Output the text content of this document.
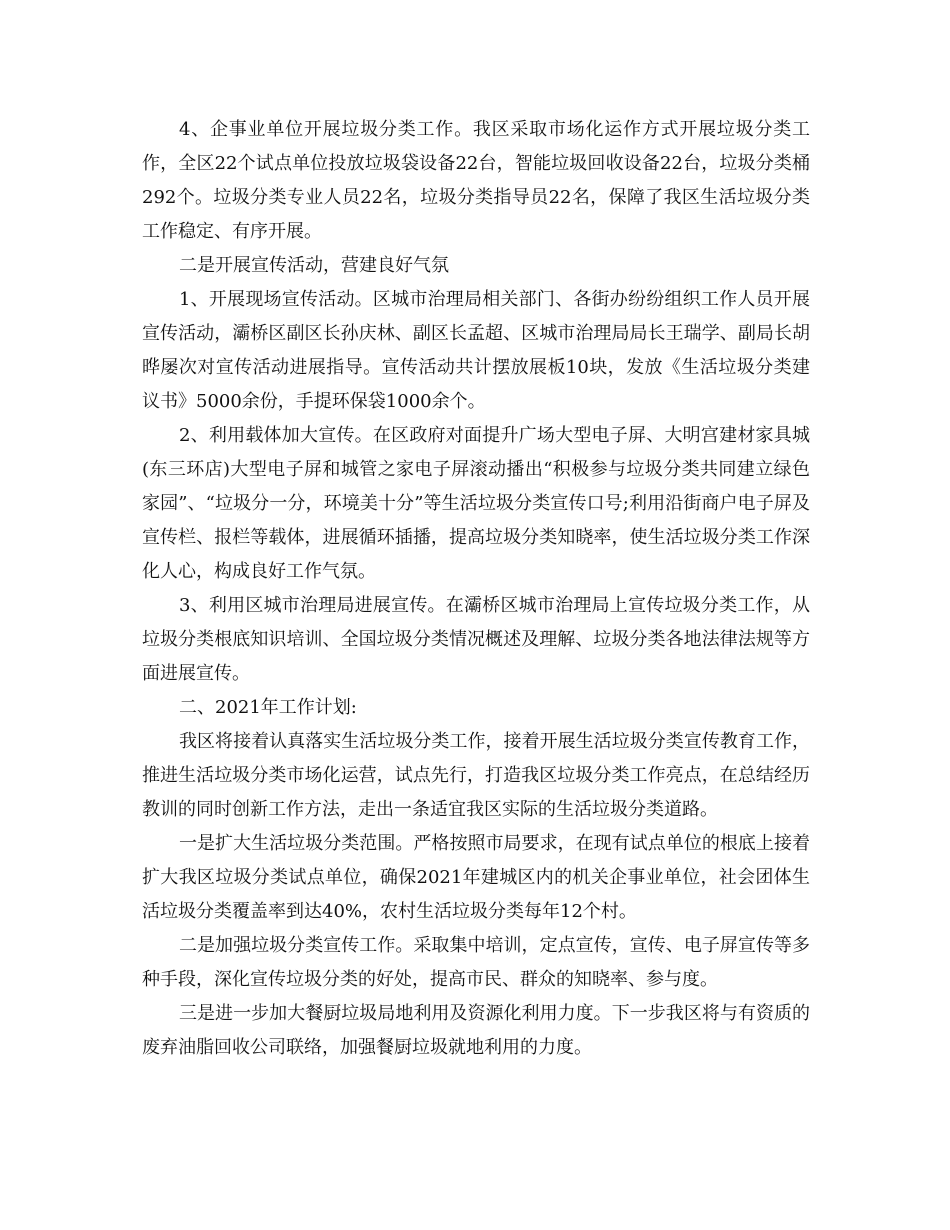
4、企事业单位开展垃圾分类工作。我区采取市场化运作方式开展垃圾分类工作，全区22个试点单位投放垃圾袋设备22台，智能垃圾回收设备22台，垃圾分类桶292个。垃圾分类专业人员22名，垃圾分类指导员22名，保障了我区生活垃圾分类工作稳定、有序开展。

二是开展宣传活动，营建良好气氛

1、开展现场宣传活动。区城市治理局相关部门、各街办纷纷组织工作人员开展宣传活动，灞桥区副区长孙庆林、副区长孟超、区城市治理局局长王瑞学、副局长胡晔屡次对宣传活动进展指导。宣传活动共计摆放展板10块，发放《生活垃圾分类建议书》5000余份，手提环保袋1000余个。

2、利用载体加大宣传。在区政府对面提升广场大型电子屏、大明宫建材家具城(东三环店)大型电子屏和城管之家电子屏滚动播出“积极参与垃圾分类共同建立绿色家园”、“垃圾分一分，环境美十分”等生活垃圾分类宣传口号;利用沿街商户电子屏及宣传栏、报栏等载体，进展循环插播，提高垃圾分类知晓率，使生活垃圾分类工作深化人心，构成良好工作气氛。

3、利用区城市治理局进展宣传。在灞桥区城市治理局上宣传垃圾分类工作，从垃圾分类根底知识培训、全国垃圾分类情况概述及理解、垃圾分类各地法律法规等方面进展宣传。

二、2021年工作计划:

我区将接着认真落实生活垃圾分类工作，接着开展生活垃圾分类宣传教育工作，推进生活垃圾分类市场化运营，试点先行，打造我区垃圾分类工作亮点，在总结经历教训的同时创新工作方法，走出一条适宜我区实际的生活垃圾分类道路。

一是扩大生活垃圾分类范围。严格按照市局要求，在现有试点单位的根底上接着扩大我区垃圾分类试点单位，确保2021年建城区内的机关企事业单位，社会团体生活垃圾分类覆盖率到达40%，农村生活垃圾分类每年12个村。

二是加强垃圾分类宣传工作。采取集中培训，定点宣传，宣传、电子屏宣传等多种手段，深化宣传垃圾分类的好处，提高市民、群众的知晓率、参与度。

三是进一步加大餐厨垃圾局地利用及资源化利用力度。下一步我区将与有资质的废弃油脂回收公司联络，加强餐厨垃圾就地利用的力度。
